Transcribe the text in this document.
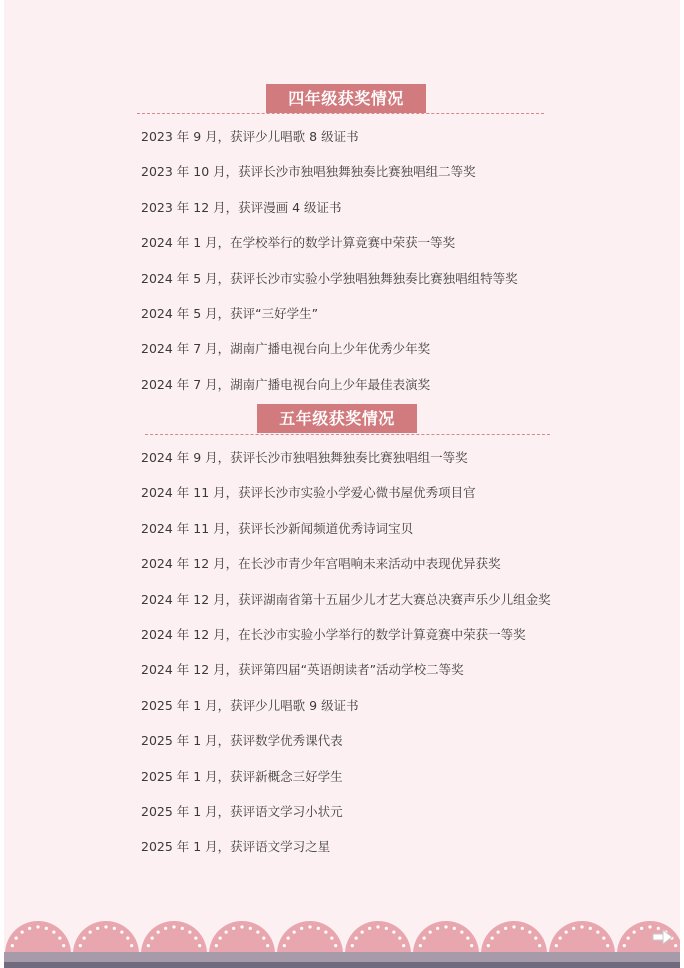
四年级获奖情况
2023 年 9 月，获评少儿唱歌 8 级证书
2023 年 10 月，获评长沙市独唱独舞独奏比赛独唱组二等奖
2023 年 12 月，获评漫画 4 级证书
2024 年 1 月，在学校举行的数学计算竟赛中荣获一等奖
2024 年 5 月，获评长沙市实验小学独唱独舞独奏比赛独唱组特等奖
2024 年 5 月，获评“三好学生”
2024 年 7 月，湖南广播电视台向上少年优秀少年奖
2024 年 7 月，湖南广播电视台向上少年最佳表演奖
五年级获奖情况
2024 年 9 月，获评长沙市独唱独舞独奏比赛独唱组一等奖
2024 年 11 月，获评长沙市实验小学爱心微书屋优秀项目官
2024 年 11 月，获评长沙新闻频道优秀诗词宝贝
2024 年 12 月，在长沙市青少年宫唱响未来活动中表现优异获奖
2024 年 12 月，获评湖南省第十五届少儿才艺大赛总决赛声乐少儿组金奖
2024 年 12 月，在长沙市实验小学举行的数学计算竟赛中荣获一等奖
2024 年 12 月，获评第四届“英语朗读者”活动学校二等奖
2025 年 1 月，获评少儿唱歌 9 级证书
2025 年 1 月，获评数学优秀课代表
2025 年 1 月，获评新概念三好学生
2025 年 1 月，获评语文学习小状元
2025 年 1 月，获评语文学习之星
